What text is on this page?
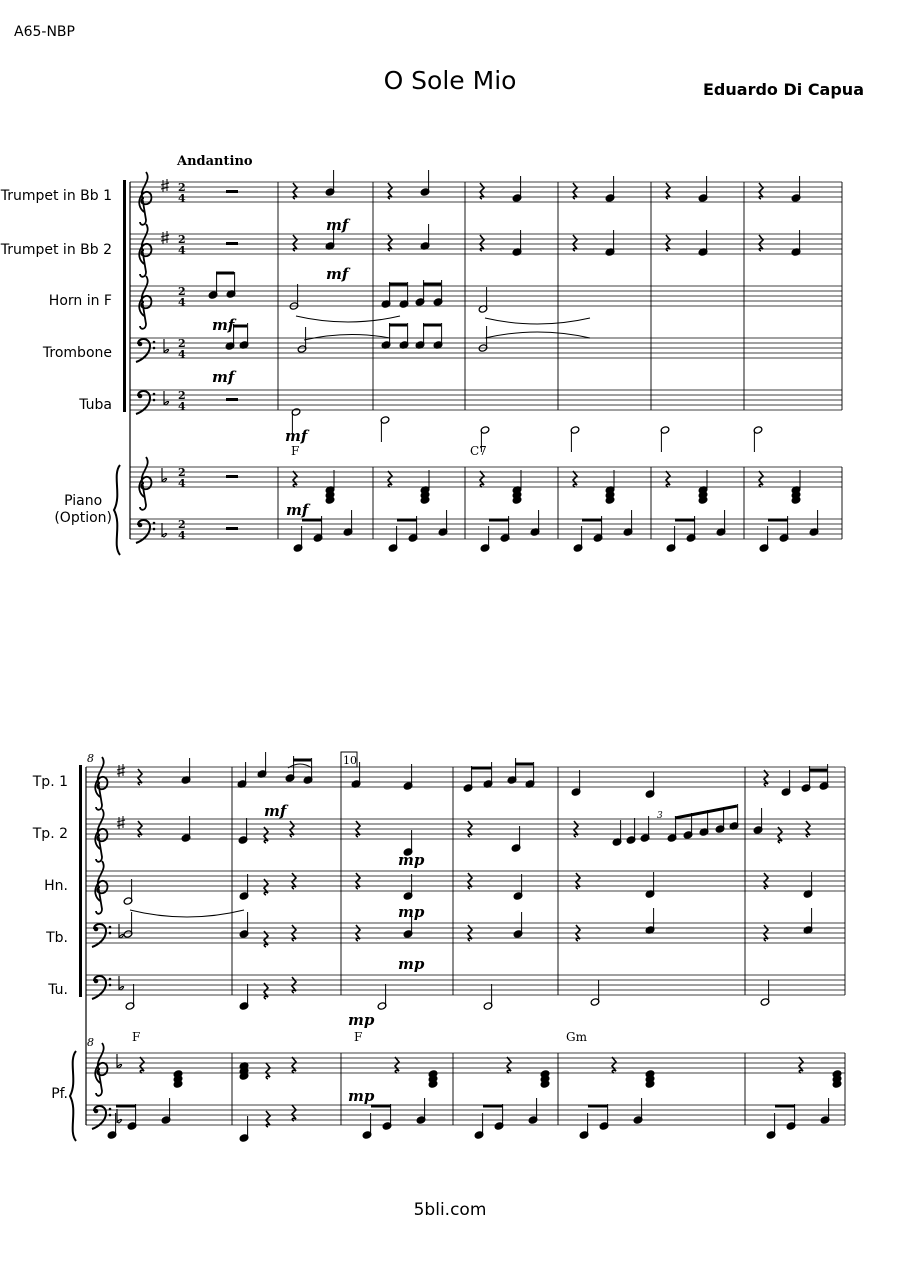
A65-NBP
O Sole Mio	Eduardo Di Capua
Trumpet in Bb 1
Trumpet in Bb 2
Horn in F
Trombone
Tuba
Piano
(Option)
Tp. 1
Tp. 2
Hn.
Tb.
Tu.
Pf.
5bli.com
2
4
2
4
2
4
2
4
2
4
2
4
2
4
Andantino
mf
mf
mf
mf
mf
mf
F	C7
8
8
10
3
mf
mp
mp
mp
mp
mp
F	F	Gm
